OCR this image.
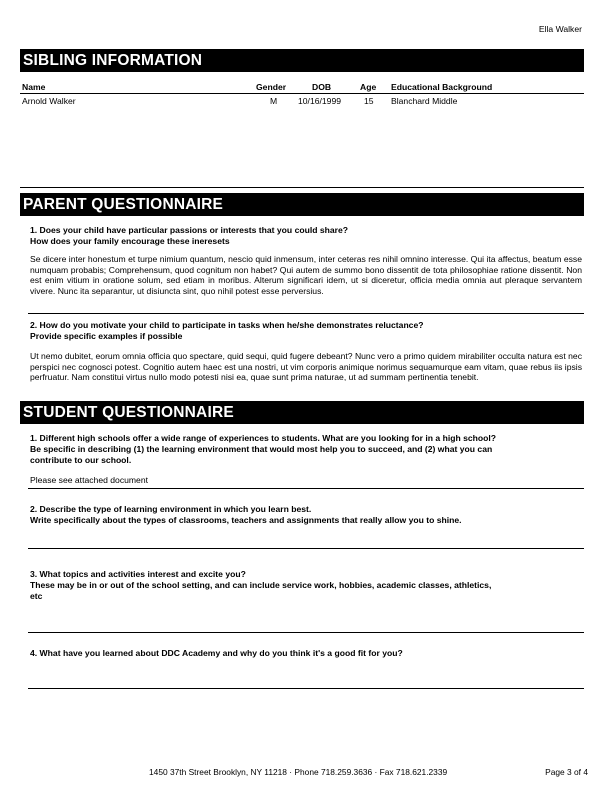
Ella Walker
SIBLING INFORMATION
Name	Gender	DOB	Age Educational Background
Arnold Walker	M 10/16/1999	15 Blanchard Middle
PARENT QUESTIONNAIRE
1. Does your child have particular passions or interests that you could share?
How does your family encourage these ineresets
Se dicere inter honestum et turpe nimium quantum, nescio quid inmensum, inter ceteras res nihil omnino interesse. Qui ita affectus, beatum esse numquam probabis; Comprehensum, quod cognitum non habet? Qui autem de summo bono dissentit de tota philosophiae ratione dissentit. Non est enim vitium in oratione solum, sed etiam in moribus. Alterum significari idem, ut si diceretur, officia media omnia aut pleraque servantem vivere. Nunc ita separantur, ut disiuncta sint, quo nihil potest esse perversius.
2. How do you motivate your child to participate in tasks when he/she demonstrates reluctance?
Provide specific examples if possible
Ut nemo dubitet, eorum omnia officia quo spectare, quid sequi, quid fugere debeant? Nunc vero a primo quidem mirabiliter occulta natura est nec perspici nec cognosci potest. Cognitio autem haec est una nostri, ut vim corporis animique norimus sequamurque eam vitam, quae rebus iis ipsis perfruatur. Nam constitui virtus nullo modo potesti nisi ea, quae sunt prima naturae, ut ad summam pertinentia tenebit.
STUDENT QUESTIONNAIRE
1. Different high schools offer a wide range of experiences to students. What are you looking for in a high school?
Be specific in describing (1) the learning environment that would most help you to succeed, and (2) what you can
contribute to our school.
Please see attached document
2. Describe the type of learning environment in which you learn best.
Write specifically about the types of classrooms, teachers and assignments that really allow you to shine.
3. What topics and activities interest and excite you?
These may be in or out of the school setting, and can include service work, hobbies, academic classes, athletics,
etc
4. What have you learned about DDC Academy and why do you think it's a good fit for you?
1450 37th Street Brooklyn, NY 11218 · Phone 718.259.3636 · Fax 718.621.2339	Page 3 of 4
